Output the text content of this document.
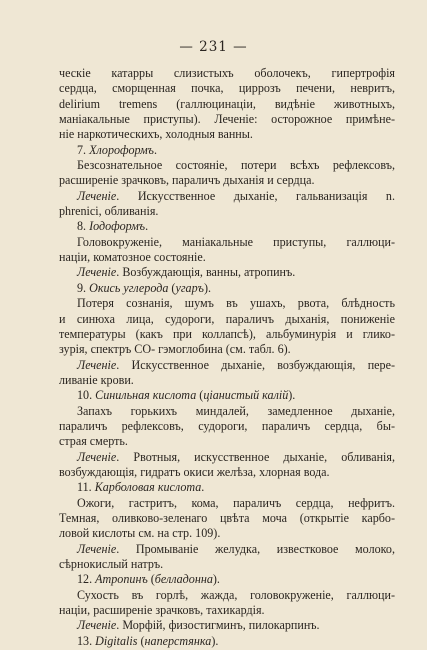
— 231 —
ческіе катарры слизистыхъ оболочекъ, гипертрофія
сердца, сморщенная почка, циррозъ печени, невритъ,
delirium tremens (галлюцинаціи, видѣніе животныхъ,
маніакальные приступы). Леченіе: осторожное примѣне-
ніе наркотическихъ, холодныя ванны.
7. Хлороформъ.
Безсознательное состояніе, потери всѣхъ рефлексовъ,
расширеніе зрачковъ, параличъ дыханія и сердца.
Леченіе. Искусственное дыханіе, гальванизація n.
phrenici, обливанія.
8. Іодоформъ.
Головокруженіе, маніакальные приступы, галлюци-
націи, коматозное состояніе.
Леченіе. Возбуждающія, ванны, атропинъ.
9. Окись углерода (угаръ).
Потеря сознанія, шумъ въ ушахъ, рвота, блѣдность
и синюха лица, судороги, параличъ дыханія, пониженіе
температуры (какъ при коллапсѣ), альбуминурія и глико-
зурія, спектръ CO- гэмоглобина (см. табл. 6).
Леченіе. Искусственное дыханіе, возбуждающія, пере-
ливаніе крови.
10. Синильная кислота (ціанистый калій).
Запахъ горькихъ миндалей, замедленное дыханіе,
параличъ рефлексовъ, судороги, параличъ сердца, бы-
страя смерть.
Леченіе. Рвотныя, искусственное дыханіе, обливанія,
возбуждающія, гидратъ окиси желѣза, хлорная вода.
11. Карболовая кислота.
Ожоги, гастритъ, кома, параличъ сердца, нефритъ.
Темная, оливково-зеленаго цвѣта моча (открытіе карбо-
ловой кислоты см. на стр. 109).
Леченіе. Промываніе желудка, известковое молоко,
сѣрнокислый натръ.
12. Атропинъ (белладонна).
Сухость въ горлѣ, жажда, головокруженіе, галлюци-
націи, расширеніе зрачковъ, тахикардія.
Леченіе. Морфій, физостигминъ, пилокарпинъ.
13. Digitalis (наперстянка).
